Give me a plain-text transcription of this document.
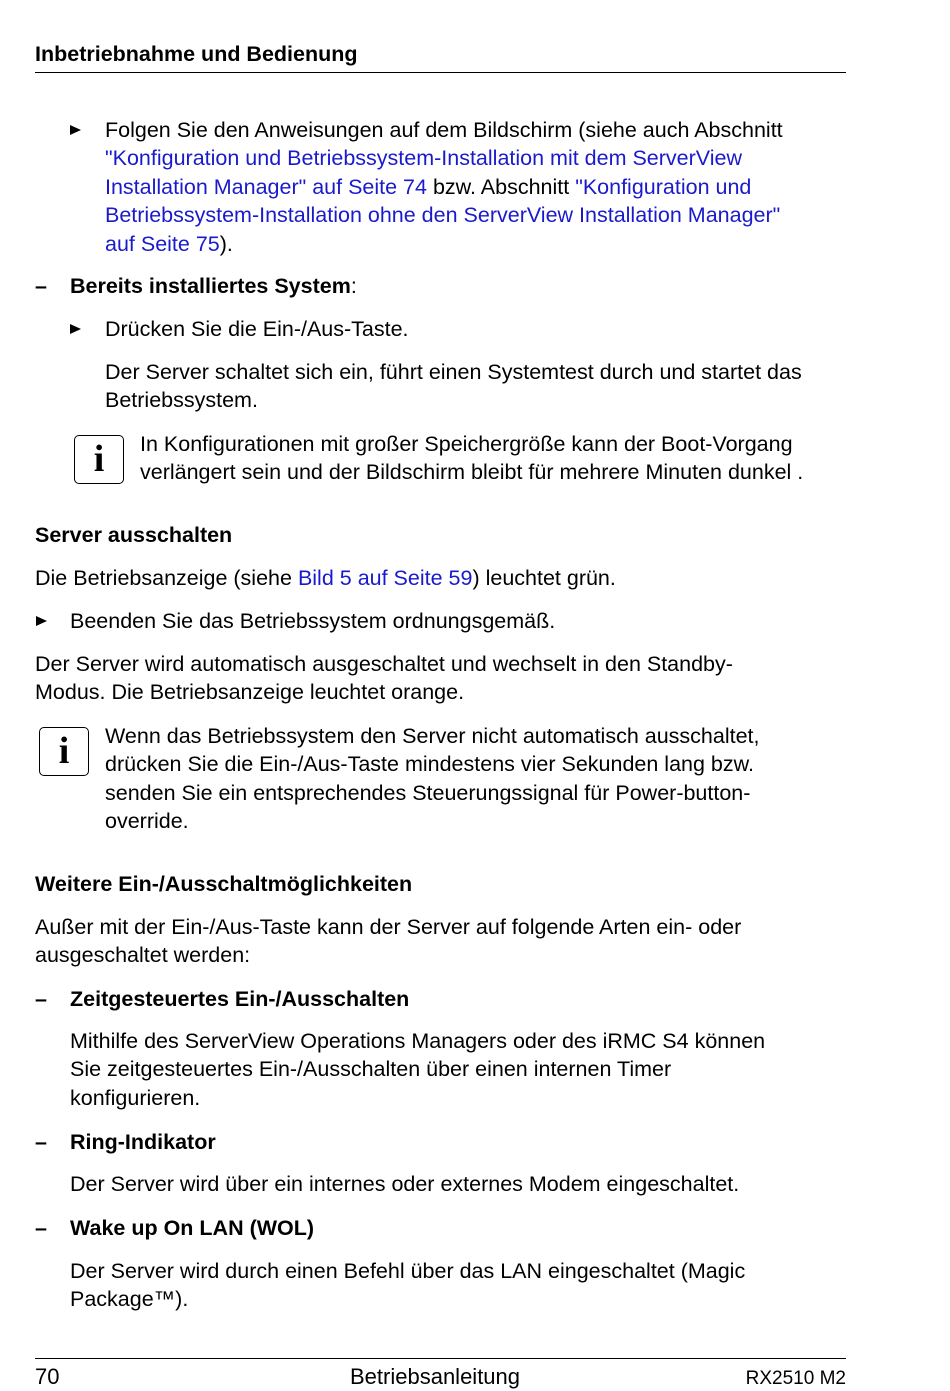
Inbetriebnahme und Bedienung
Folgen Sie den Anweisungen auf dem Bildschirm (siehe auch Abschnitt
"Konfiguration und Betriebssystem-Installation mit dem ServerView
Installation Manager" auf Seite 74 bzw. Abschnitt "Konfiguration und
Betriebssystem-Installation ohne den ServerView Installation Manager"
auf Seite 75).
– Bereits installiertes System:
Drücken Sie die Ein-/Aus-Taste.
Der Server schaltet sich ein, führt einen Systemtest durch und startet das
Betriebssystem.
i	In Konfigurationen mit großer Speichergröße kann der Boot-Vorgang
verlängert sein und der Bildschirm bleibt für mehrere Minuten dunkel .
Server ausschalten
Die Betriebsanzeige (siehe Bild 5 auf Seite 59) leuchtet grün.
Beenden Sie das Betriebssystem ordnungsgemäß.
Der Server wird automatisch ausgeschaltet und wechselt in den Standby-
Modus. Die Betriebsanzeige leuchtet orange.
i	Wenn das Betriebssystem den Server nicht automatisch ausschaltet,
drücken Sie die Ein-/Aus-Taste mindestens vier Sekunden lang bzw.
senden Sie ein entsprechendes Steuerungssignal für Power-button-
override.
Weitere Ein-/Ausschaltmöglichkeiten
Außer mit der Ein-/Aus-Taste kann der Server auf folgende Arten ein- oder
ausgeschaltet werden:
– Zeitgesteuertes Ein-/Ausschalten
Mithilfe des ServerView Operations Managers oder des iRMC S4 können
Sie zeitgesteuertes Ein-/Ausschalten über einen internen Timer
konfigurieren.
– Ring-Indikator
Der Server wird über ein internes oder externes Modem eingeschaltet.
– Wake up On LAN (WOL)
Der Server wird durch einen Befehl über das LAN eingeschaltet (Magic
Package™).
70	Betriebsanleitung	RX2510 M2
